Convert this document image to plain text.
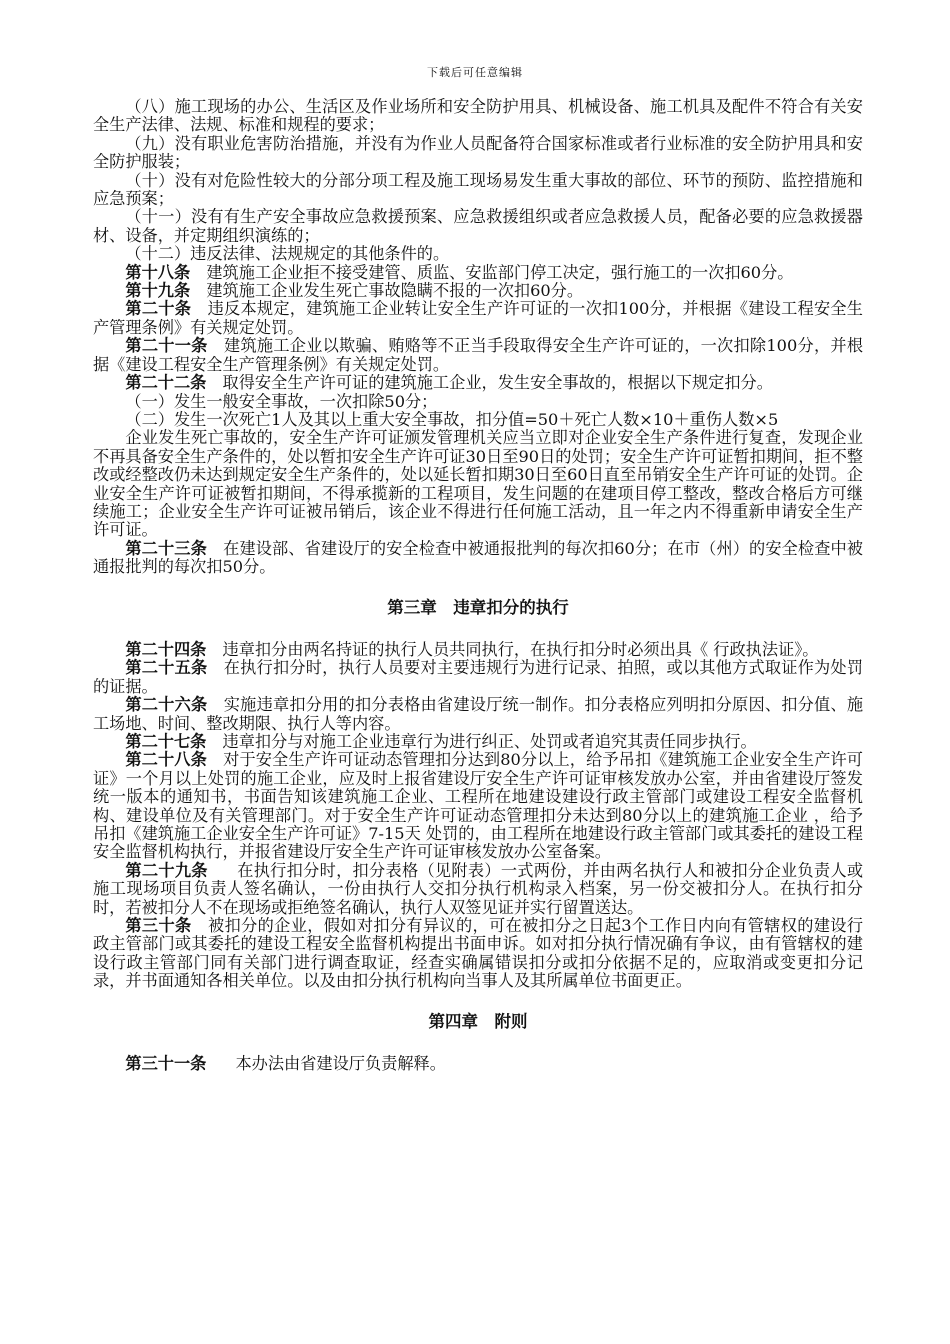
下载后可任意编辑

（八）施工现场的办公、生活区及作业场所和安全防护用具、机械设备、施工机具及配件不符合有关安全生产法律、法规、标准和规程的要求；

（九）没有职业危害防治措施，并没有为作业人员配备符合国家标准或者行业标准的安全防护用具和安全防护服装；

（十）没有对危险性较大的分部分项工程及施工现场易发生重大事故的部位、环节的预防、监控措施和应急预案；

（十一）没有有生产安全事故应急救援预案、应急救援组织或者应急救援人员，配备必要的应急救援器材、设备，并定期组织演练的；

（十二）违反法律、法规规定的其他条件的。

第十八条 建筑施工企业拒不接受建管、质监、安监部门停工决定，强行施工的一次扣60分。

第十九条 建筑施工企业发生死亡事故隐瞒不报的一次扣60分。

第二十条 违反本规定，建筑施工企业转让安全生产许可证的一次扣100分，并根据《建设工程安全生产管理条例》有关规定处罚。

第二十一条 建筑施工企业以欺骗、贿赂等不正当手段取得安全生产许可证的，一次扣除100分，并根据《建设工程安全生产管理条例》有关规定处罚。

第二十二条 取得安全生产许可证的建筑施工企业，发生安全事故的，根据以下规定扣分。

（一）发生一般安全事故，一次扣除50分；

（二）发生一次死亡1人及其以上重大安全事故，扣分值=50＋死亡人数×10＋重伤人数×5

企业发生死亡事故的，安全生产许可证颁发管理机关应当立即对企业安全生产条件进行复查，发现企业不再具备安全生产条件的，处以暂扣安全生产许可证30日至90日的处罚；安全生产许可证暂扣期间，拒不整改或经整改仍未达到规定安全生产条件的，处以延长暂扣期30日至60日直至吊销安全生产许可证的处罚。企业安全生产许可证被暂扣期间，不得承揽新的工程项目，发生问题的在建项目停工整改，整改合格后方可继续施工；企业安全生产许可证被吊销后，该企业不得进行任何施工活动，且一年之内不得重新申请安全生产许可证。

第二十三条 在建设部、省建设厅的安全检查中被通报批判的每次扣60分；在市（州）的安全检查中被通报批判的每次扣50分。

第三章　违章扣分的执行

第二十四条 违章扣分由两名持证的执行人员共同执行，在执行扣分时必须出具《 行政执法证》。

第二十五条 在执行扣分时，执行人员要对主要违规行为进行记录、拍照，或以其他方式取证作为处罚的证据。

第二十六条 实施违章扣分用的扣分表格由省建设厅统一制作。扣分表格应列明扣分原因、扣分值、施工场地、时间、整改期限、执行人等内容。

第二十七条 违章扣分与对施工企业违章行为进行纠正、处罚或者追究其责任同步执行。

第二十八条 对于安全生产许可证动态管理扣分达到80分以上，给予吊扣《建筑施工企业安全生产许可证》一个月以上处罚的施工企业，应及时上报省建设厅安全生产许可证审核发放办公室，并由省建设厅签发统一版本的通知书，书面告知该建筑施工企业、工程所在地建设建设行政主管部门或建设工程安全监督机构、建设单位及有关管理部门。对于安全生产许可证动态管理扣分未达到80分以上的建筑施工企业 ，给予吊扣《建筑施工企业安全生产许可证》7-15天 处罚的，由工程所在地建设行政主管部门或其委托的建设工程安全监督机构执行，并报省建设厅安全生产许可证审核发放办公室备案。

第二十九条 在执行扣分时，扣分表格（见附表）一式两份，并由两名执行人和被扣分企业负责人或施工现场项目负责人签名确认，一份由执行人交扣分执行机构录入档案，另一份交被扣分人。在执行扣分时，若被扣分人不在现场或拒绝签名确认，执行人双签见证并实行留置送达。

第三十条 被扣分的企业，假如对扣分有异议的，可在被扣分之日起3个工作日内向有管辖权的建设行政主管部门或其委托的建设工程安全监督机构提出书面申诉。如对扣分执行情况确有争议，由有管辖权的建设行政主管部门同有关部门进行调查取证，经查实确属错误扣分或扣分依据不足的，应取消或变更扣分记录，并书面通知各相关单位。以及由扣分执行机构向当事人及其所属单位书面更正。

第四章　附则

第三十一条 本办法由省建设厅负责解释。
